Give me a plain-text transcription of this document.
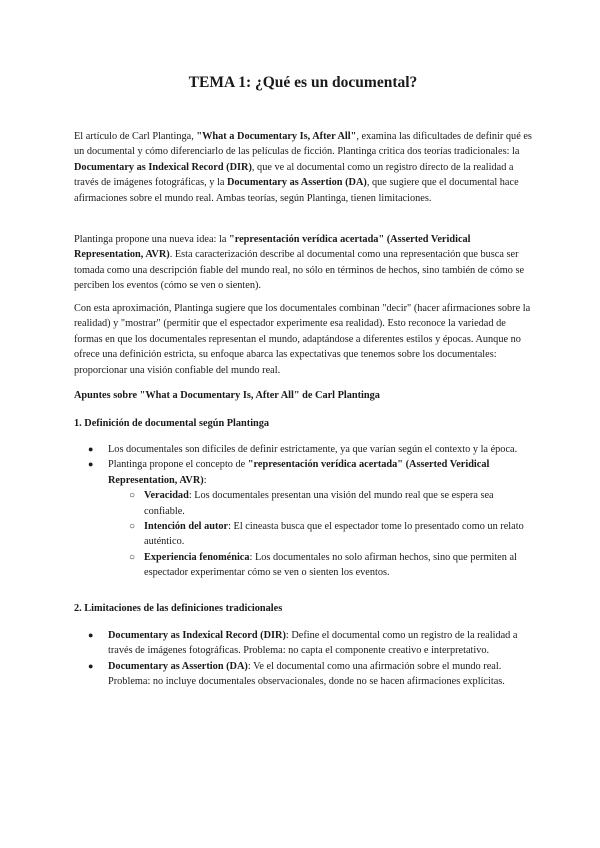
TEMA 1: ¿Qué es un documental?

El artículo de Carl Plantinga, "What a Documentary Is, After All", examina las dificultades de definir qué es un documental y cómo diferenciarlo de las películas de ficción. Plantinga critica dos teorías tradicionales: la Documentary as Indexical Record (DIR), que ve al documental como un registro directo de la realidad a través de imágenes fotográficas, y la Documentary as Assertion (DA), que sugiere que el documental hace afirmaciones sobre el mundo real. Ambas teorías, según Plantinga, tienen limitaciones.

Plantinga propone una nueva idea: la "representación verídica acertada" (Asserted Veridical Representation, AVR). Esta caracterización describe al documental como una representación que busca ser tomada como una descripción fiable del mundo real, no sólo en términos de hechos, sino también de cómo se perciben los eventos (cómo se ven o sienten).

Con esta aproximación, Plantinga sugiere que los documentales combinan "decir" (hacer afirmaciones sobre la realidad) y "mostrar" (permitir que el espectador experimente esa realidad). Esto reconoce la variedad de formas en que los documentales representan el mundo, adaptándose a diferentes estilos y épocas. Aunque no ofrece una definición estricta, su enfoque abarca las expectativas que tenemos sobre los documentales: proporcionar una visión confiable del mundo real.

Apuntes sobre "What a Documentary Is, After All" de Carl Plantinga

1. Definición de documental según Plantinga

● Los documentales son difíciles de definir estrictamente, ya que varían según el contexto y la época.
● Plantinga propone el concepto de "representación verídica acertada" (Asserted Veridical Representation, AVR):
○ Veracidad: Los documentales presentan una visión del mundo real que se espera sea confiable.
○ Intención del autor: El cineasta busca que el espectador tome lo presentado como un relato auténtico.
○ Experiencia fenoménica: Los documentales no solo afirman hechos, sino que permiten al espectador experimentar cómo se ven o sienten los eventos.

2. Limitaciones de las definiciones tradicionales

● Documentary as Indexical Record (DIR): Define el documental como un registro de la realidad a través de imágenes fotográficas. Problema: no capta el componente creativo e interpretativo.
● Documentary as Assertion (DA): Ve el documental como una afirmación sobre el mundo real. Problema: no incluye documentales observacionales, donde no se hacen afirmaciones explícitas.
